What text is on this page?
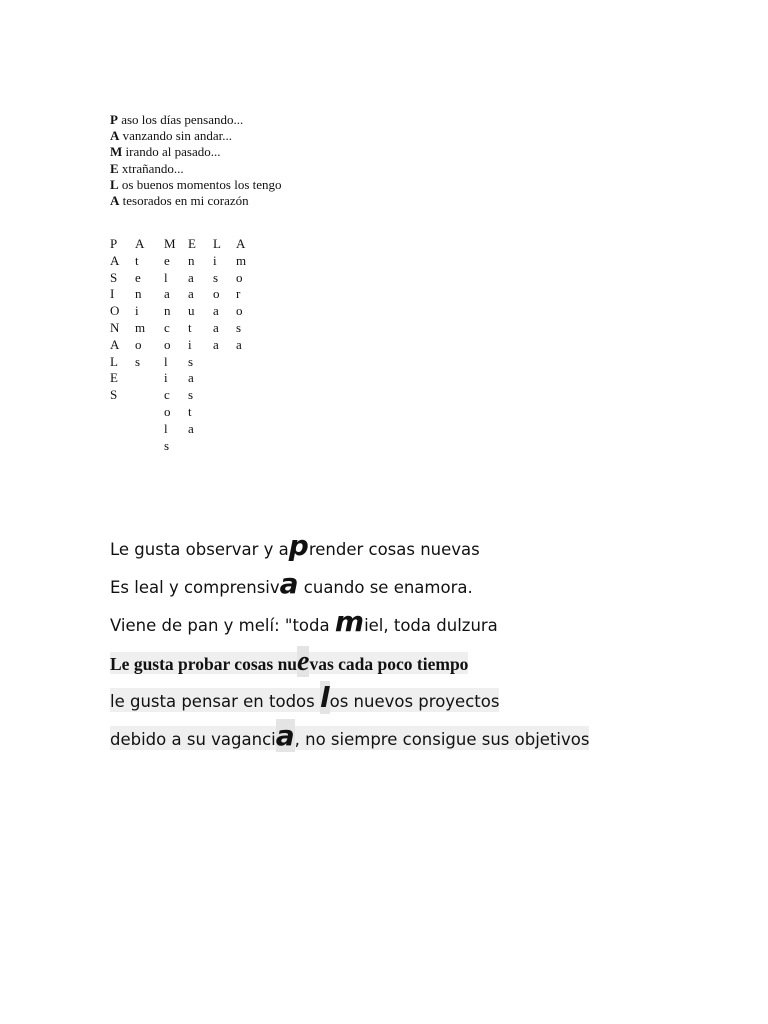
P aso los días pensando...
A vanzando sin andar...
M irando al pasado...
E xtrañando...
L os buenos momentos los tengo
A tesorados en mi corazón
P
A
S
I
O
N
A
L
E
S
A
t
e
n
i
m
o
s
M
e
l
a
n
c
o
l
i
c
o
l
s
E
n
a
a
u
t
i
s
a
s
t
a
L
i
s
o
a
a
a
A
m
o
r
o
s
a
Le gusta observar y aprender cosas nuevas
Es leal y comprensiva cuando se enamora.
Viene de pan y melí: "toda miel, toda dulzura
Le gusta probar cosas nuevas cada poco tiempo
le gusta pensar en todos los nuevos proyectos
debido a su vagancia, no siempre consigue sus objetivos
